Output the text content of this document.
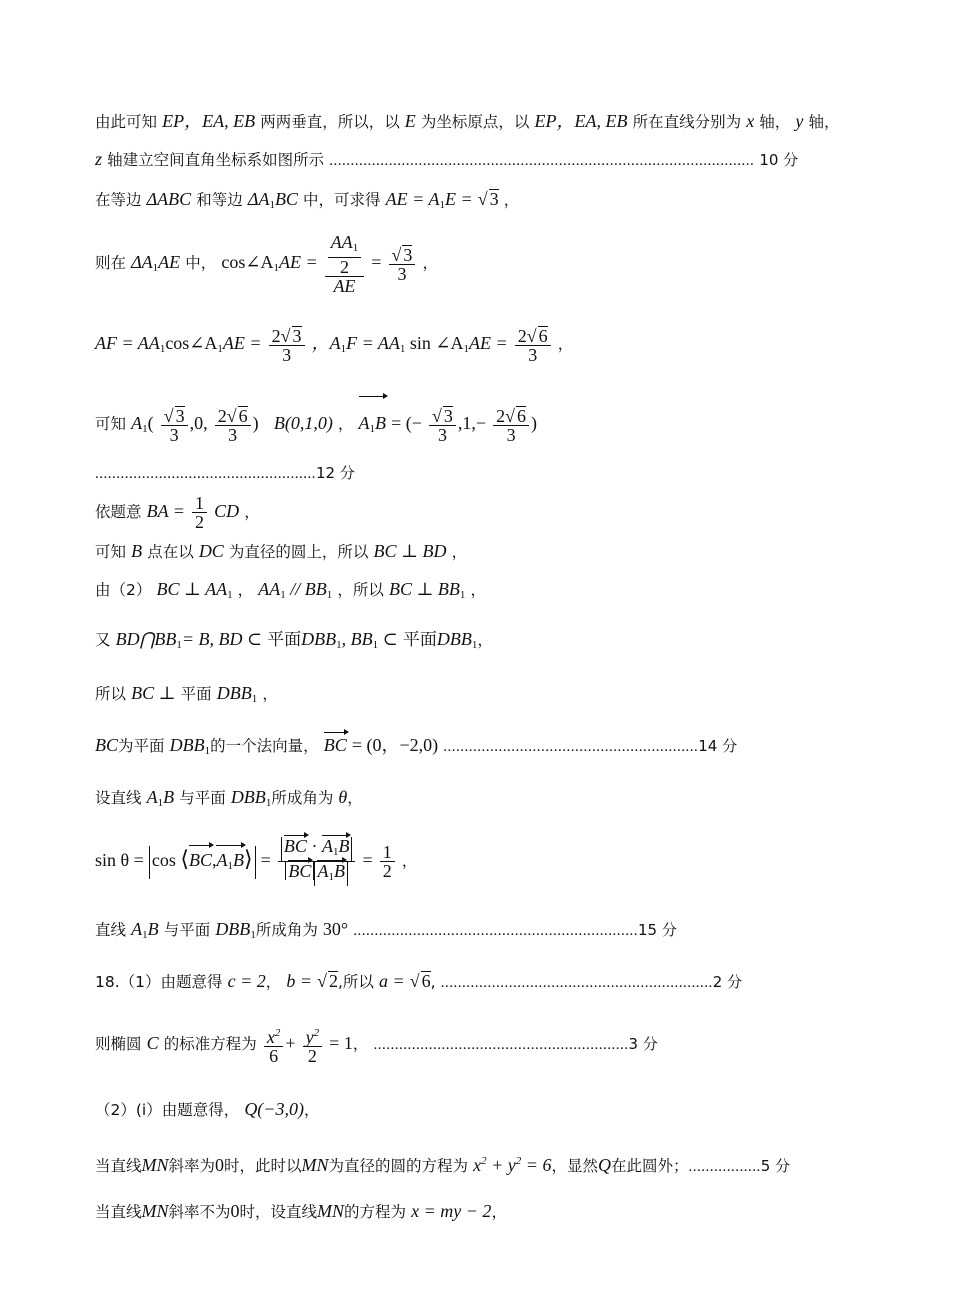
由此可知 EP，EA, EB 两两垂直，所以，以 E 为坐标原点，以 EP，EA, EB 所在直线分别为 x 轴， y 轴，
z 轴建立空间直角坐标系如图所示 .................................................................................................... 10 分
在等边 ΔABC 和等边 $\Delta A_1BC$ 中，可求得 AE = $A_1E$ = √ 3 ，
则在 $\Delta A_1AE$ 中， $\cos\angle A_1AE = \frac{\frac{AA_1}{2}}{AE} = \frac{√ 3}{3}$ ，
AF = $AA_1\cos\angle A_1AE = \frac{2√ 3}{3}$ ，$A_1F = AA_1$ $\sin \angle A_1AE = \frac{2√ 6}{3}$ ，
可知 $A_1( \frac{√ 3}{3} ,0$, $\frac{2√ 6}{3}$ ) B(0,1,0) ， $A_1B$ = (− $\frac{√ 3}{3} ,1,- \frac{2√ 6}{3}$ )
....................................................12 分
依题意 BA = $\frac{1}{2}$ CD ，
可知 B 点在以 DC 为直径的圆上，所以 BC ⊥ BD ，
由（2） BC ⊥ $AA_1$ ， $AA_1 // BB_1$ ，所以 BC ⊥ $BB_1$ ，
又 $BD⋂BB_1= B$, BD ⊂ 平面$DBB_1$, $BB_1$ ⊂ 平面$DBB_1$，
所以 BC ⊥ 平面 $DBB_1$ ，
BC为平面 $DBB_1$的一个法向量， BC = (0，−2,0) ............................................................14 分
设直线 $A_1B$ 与平面 $DBB_1$所成角为 θ，
$\sin \theta = \cos ⟨BC,A_1B⟩ = \frac{BC \cdot A_1B}{BC A_1B} = \frac{1}{2}$ ，
直线 $A_1B$ 与平面 $DBB_1$所成角为 30° ...................................................................15 分
18.（1）由题意得 c = 2， b = √ 2,所以 a = √ 6, ................................................................2 分
则椭圆 C 的标准方程为 $\frac{x^2}{6} + \frac{y^2}{2} = 1$， ............................................................3 分
（2）(i）由题意得， Q(−3,0)，
当直线MN斜率为0时，此时以MN为直径的圆的方程为 $x^2 + y^2 = 6$，显然Q在此圆外；.................5 分
当直线MN斜率不为0时，设直线MN的方程为 x = my − 2，
